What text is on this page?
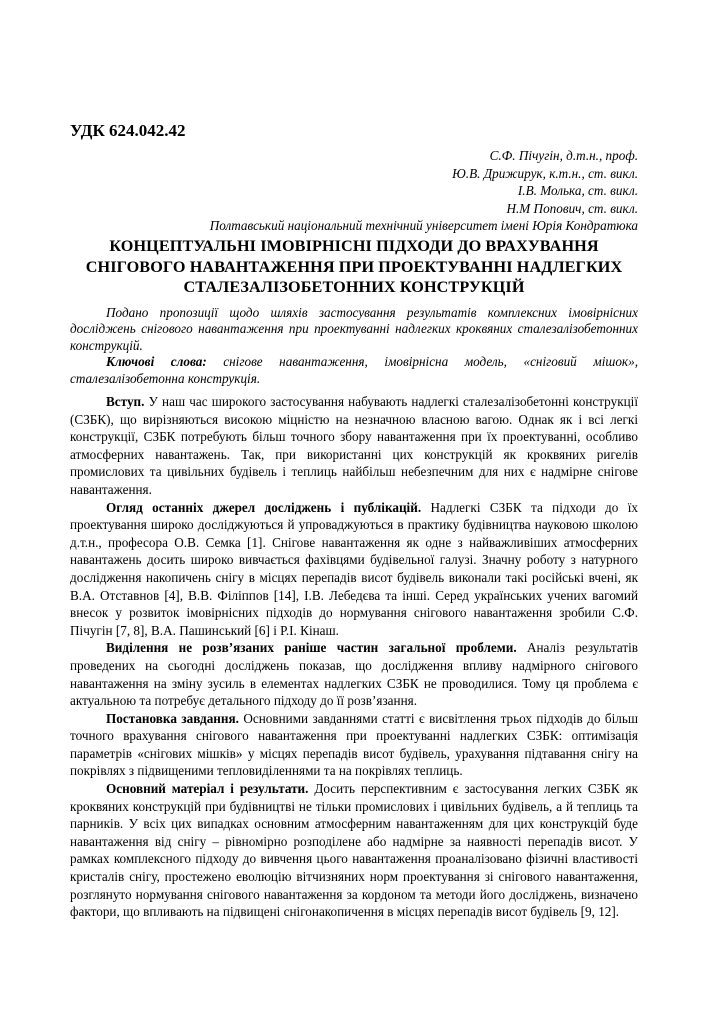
УДК 624.042.42
С.Ф. Пічугін, д.т.н., проф.
Ю.В. Дрижирук, к.т.н., ст. викл.
І.В. Молька, ст. викл.
Н.М Попович, ст. викл.
Полтавський національний технічний університет імені Юрія Кондратюка
КОНЦЕПТУАЛЬНІ ІМОВІРНІСНІ ПІДХОДИ ДО ВРАХУВАННЯ
СНІГОВОГО НАВАНТАЖЕННЯ ПРИ ПРОЕКТУВАННІ НАДЛЕГКИХ
СТАЛЕЗАЛІЗОБЕТОННИХ КОНСТРУКЦІЙ

Подано пропозиції щодо шляхів застосування результатів комплексних імовірнісних досліджень снігового навантаження при проектуванні надлегких кроквяних сталезалізобетонних конструкцій.

Ключові слова: снігове навантаження, імовірнісна модель, «сніговий мішок», сталезалізобетонна конструкція.

Вступ. У наш час широкого застосування набувають надлегкі сталезалізобетонні конструкції (СЗБК), що вирізняються високою міцністю на незначною власною вагою. Однак як і всі легкі конструкції, СЗБК потребують більш точного збору навантаження при їх проектуванні, особливо атмосферних навантажень. Так, при використанні цих конструкцій як кроквяних ригелів промислових та цивільних будівель і теплиць найбільш небезпечним для них є надмірне снігове навантаження.

Огляд останніх джерел досліджень і публікацій. Надлегкі СЗБК та підходи до їх проектування широко досліджуються й упроваджуються в практику будівництва науковою школою д.т.н., професора О.В. Семка [1]. Снігове навантаження як одне з найважливіших атмосферних навантажень досить широко вивчається фахівцями будівельної галузі. Значну роботу з натурного дослідження накопичень снігу в місцях перепадів висот будівель виконали такі російські вчені, як В.А. Отставнов [4], В.В. Філіппов [14], І.В. Лебедєва та інші. Серед українських учених вагомий внесок у розвиток імовірнісних підходів до нормування снігового навантаження зробили С.Ф. Пічугін [7, 8], В.А. Пашинський [6] і Р.І. Кінаш.

Виділення не розв’язаних раніше частин загальної проблеми. Аналіз результатів проведених на сьогодні досліджень показав, що дослідження впливу надмірного снігового навантаження на зміну зусиль в елементах надлегких СЗБК не проводилися. Тому ця проблема є актуальною та потребує детального підходу до її розв’язання.

Постановка завдання. Основними завданнями статті є висвітлення трьох підходів до більш точного врахування снігового навантаження при проектуванні надлегких СЗБК: оптимізація параметрів «снігових мішків» у місцях перепадів висот будівель, урахування підтавання снігу на покрівлях з підвищеними тепловиділеннями та на покрівлях теплиць.

Основний матеріал і результати. Досить перспективним є застосування легких СЗБК як кроквяних конструкцій при будівництві не тільки промислових і цивільних будівель, а й теплиць та парників. У всіх цих випадках основним атмосферним навантаженням для цих конструкцій буде навантаження від снігу – рівномірно розподілене або надмірне за наявності перепадів висот. У рамках комплексного підходу до вивчення цього навантаження проаналізовано фізичні властивості кристалів снігу, простежено еволюцію вітчизняних норм проектування зі снігового навантаження, розглянуто нормування снігового навантаження за кордоном та методи його досліджень, визначено фактори, що впливають на підвищені снігонакопичення в місцях перепадів висот будівель [9, 12].
